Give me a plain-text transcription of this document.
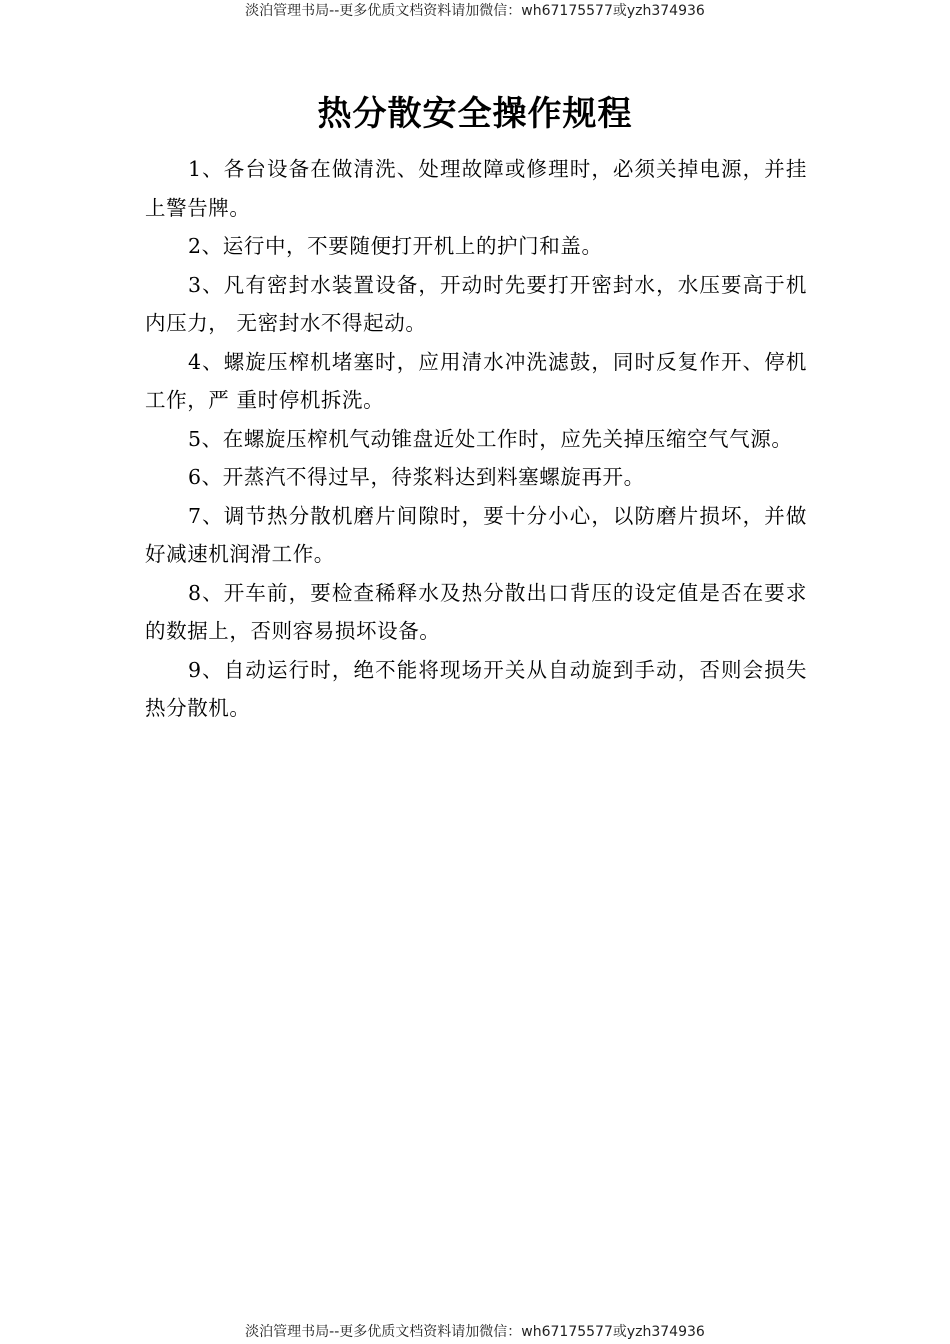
淡泊管理书局--更多优质文档资料请加微信：wh67175577或yzh374936
热分散安全操作规程

1、各台设备在做清洗、处理故障或修理时，必须关掉电源，并挂上警告牌。

2、运行中，不要随便打开机上的护门和盖。

3、凡有密封水装置设备，开动时先要打开密封水，水压要高于机内压力， 无密封水不得起动。

4、螺旋压榨机堵塞时，应用清水冲洗滤鼓，同时反复作开、停机工作，严 重时停机拆洗。

5、在螺旋压榨机气动锥盘近处工作时，应先关掉压缩空气气源。

6、开蒸汽不得过早，待浆料达到料塞螺旋再开。

7、调节热分散机磨片间隙时，要十分小心，以防磨片损坏，并做好减速机润滑工作。

8、开车前，要检查稀释水及热分散出口背压的设定值是否在要求的数据上，否则容易损坏设备。

9、自动运行时，绝不能将现场开关从自动旋到手动，否则会损失热分散机。

淡泊管理书局--更多优质文档资料请加微信：wh67175577或yzh374936
